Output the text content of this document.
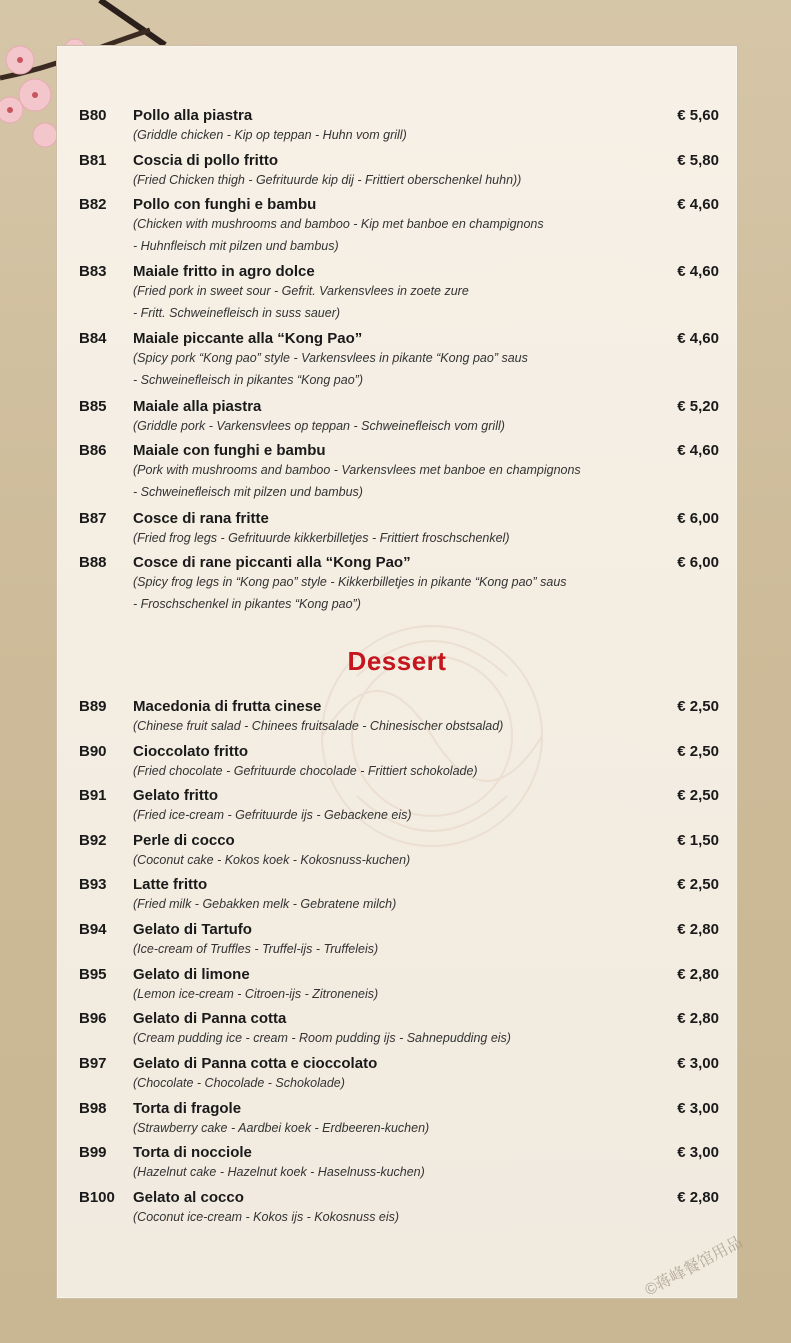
B80	Pollo alla piastra	€ 5,60
(Griddle chicken - Kip op teppan - Huhn vom grill)
B81	Coscia di pollo fritto	€ 5,80
(Fried Chicken thigh - Gefrituurde kip dij - Frittiert oberschenkel huhn))
B82	Pollo con funghi e bambu	€ 4,60
(Chicken with mushrooms and bamboo - Kip met banboe en champignons
- Huhnfleisch mit pilzen und bambus)
B83	Maiale fritto in agro dolce	€ 4,60
(Fried pork in sweet sour - Gefrit. Varkensvlees in zoete zure
- Fritt. Schweinefleisch in suss sauer)
B84	Maiale piccante alla “Kong Pao”	€ 4,60
(Spicy pork “Kong pao” style - Varkensvlees in pikante “Kong pao” saus
- Schweinefleisch in pikantes “Kong pao”)
B85	Maiale alla piastra	€ 5,20
(Griddle pork - Varkensvlees op teppan - Schweinefleisch vom grill)
B86	Maiale con funghi e bambu	€ 4,60
(Pork with mushrooms and bamboo - Varkensvlees met banboe en champignons
- Schweinefleisch mit pilzen und bambus)
B87	Cosce di rana fritte	€ 6,00
(Fried frog legs - Gefrituurde kikkerbilletjes - Frittiert froschschenkel)
B88	Cosce di rane piccanti alla “Kong Pao”	€ 6,00
(Spicy frog legs in “Kong pao” style - Kikkerbilletjes in pikante “Kong pao” saus
- Froschschenkel in pikantes “Kong pao”)
Dessert
B89	Macedonia di frutta cinese	€ 2,50
(Chinese fruit salad - Chinees fruitsalade - Chinesischer obstsalad)
B90	Cioccolato fritto	€ 2,50
(Fried chocolate - Gefrituurde chocolade - Frittiert schokolade)
B91	Gelato fritto	€ 2,50
(Fried ice-cream - Gefrituurde ijs - Gebackene eis)
B92	Perle di cocco	€ 1,50
(Coconut cake - Kokos koek - Kokosnuss-kuchen)
B93	Latte fritto	€ 2,50
(Fried milk - Gebakken melk - Gebratene milch)
B94	Gelato di Tartufo	€ 2,80
(Ice-cream of Truffles - Truffel-ijs - Truffeleis)
B95	Gelato di limone	€ 2,80
(Lemon ice-cream - Citroen-ijs - Zitroneneis)
B96	Gelato di Panna cotta	€ 2,80
(Cream pudding ice - cream - Room pudding ijs - Sahnepudding eis)
B97	Gelato di Panna cotta e cioccolato	€ 3,00
(Chocolate - Chocolade - Schokolade)
B98	Torta di fragole	€ 3,00
(Strawberry cake - Aardbei koek - Erdbeeren-kuchen)
B99	Torta di nocciole	€ 3,00
(Hazelnut cake - Hazelnut koek - Haselnuss-kuchen)
B100	Gelato al cocco	€ 2,80
(Coconut ice-cream - Kokos ijs - Kokosnuss eis)
©蒋峰餐馆用品
